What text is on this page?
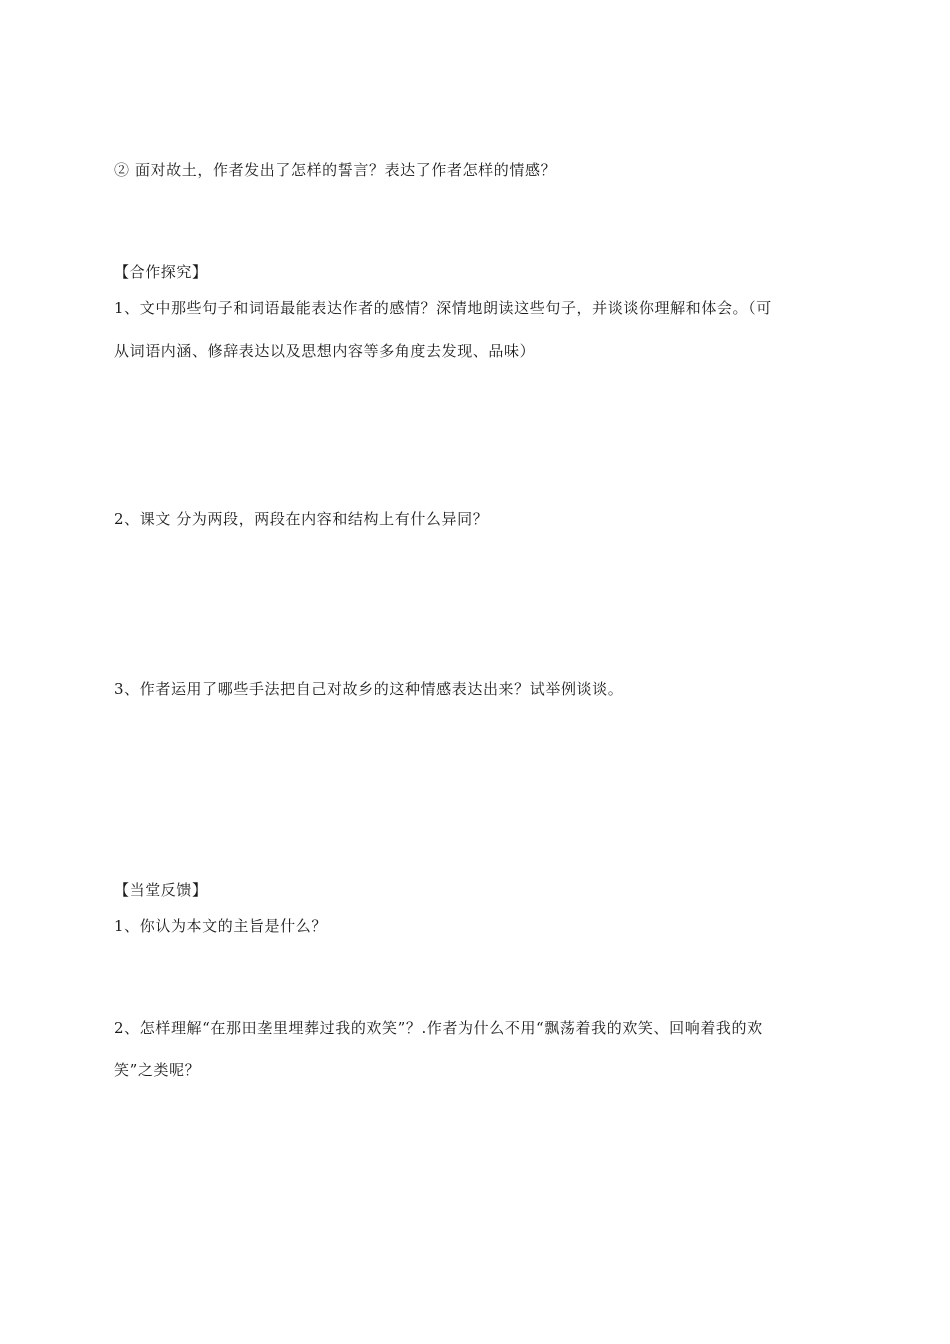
② 面对故土，作者发出了怎样的誓言？表达了作者怎样的情感？
【合作探究】
1、文中那些句子和词语最能表达作者的感情？深情地朗读这些句子，并谈谈你理解和体会。（可
从词语内涵、修辞表达以及思想内容等多角度去发现、品味）
2、课文 分为两段，两段在内容和结构上有什么异同？
3、作者运用了哪些手法把自己对故乡的这种情感表达出来？试举例谈谈。
【当堂反馈】
1、你认为本文的主旨是什么？
2、怎样理解“在那田垄里埋葬过我的欢笑”？.作者为什么不用“飘荡着我的欢笑、回响着我的欢
笑”之类呢？
